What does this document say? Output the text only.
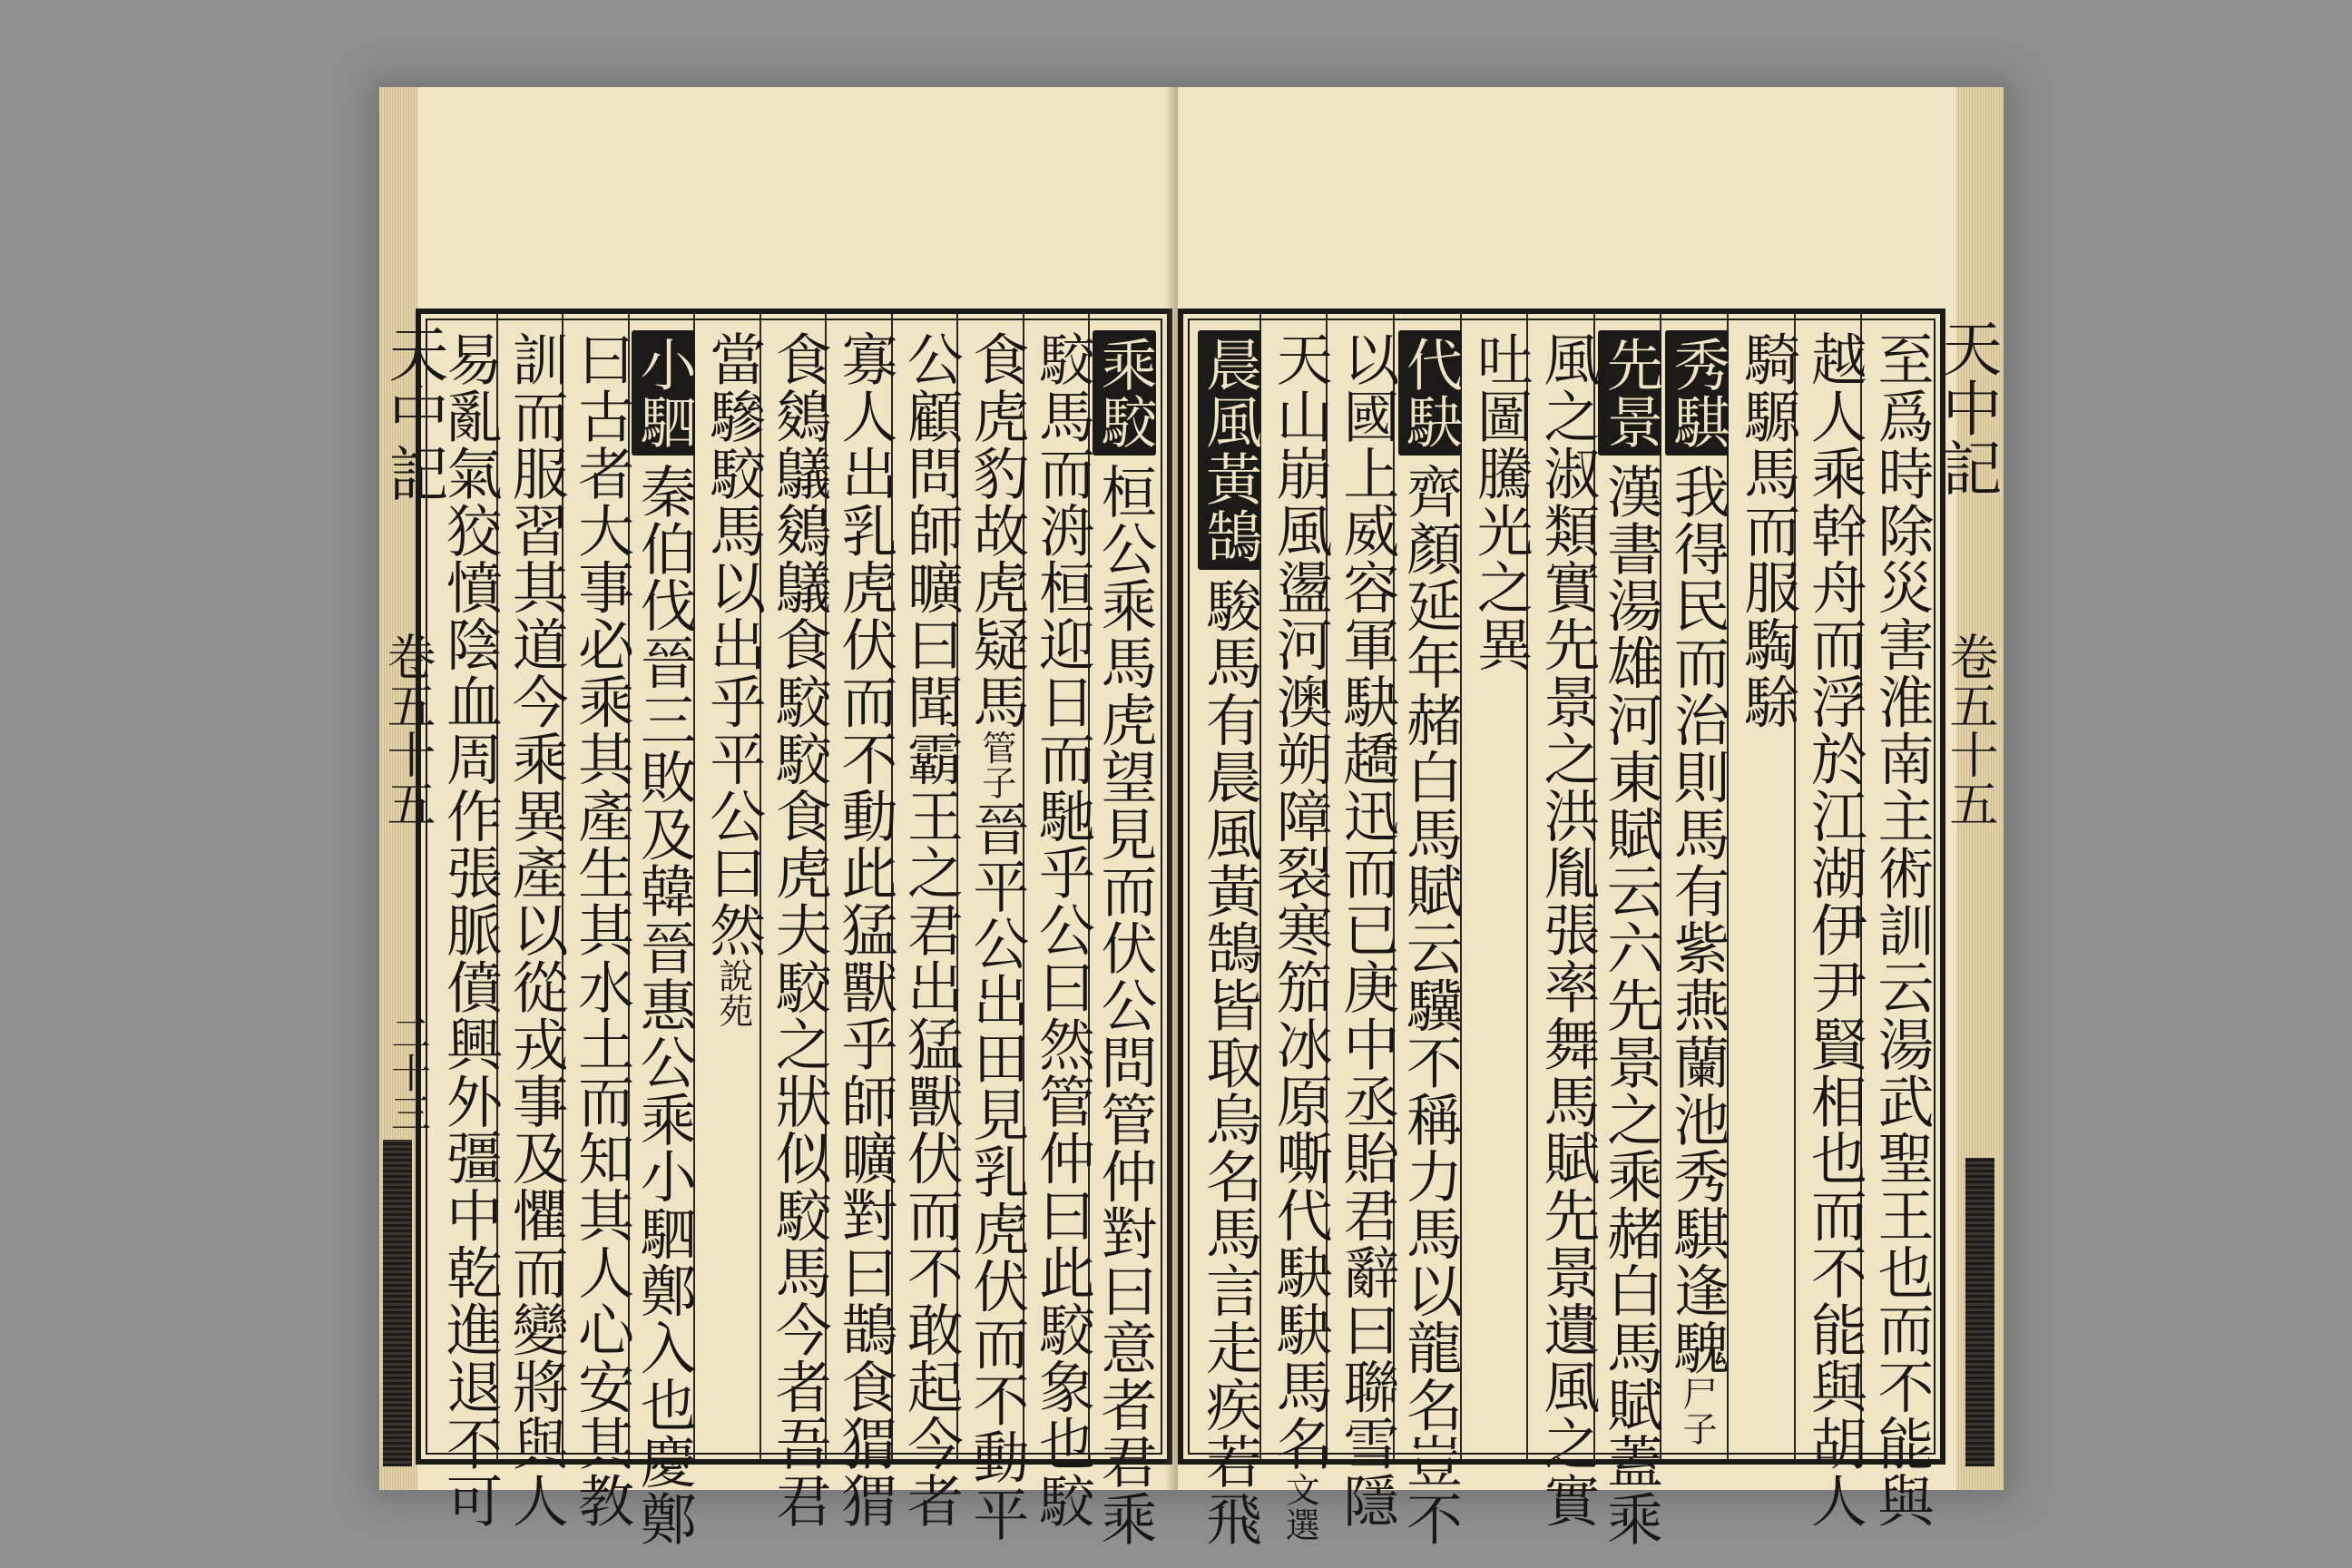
天中記
卷五十五
二十三
乘駮桓公乘馬虎望見而伏公問管仲對曰意者君乘
駮馬而洀桓迎日而馳乎公曰然管仲曰此駮象也駮
食虎豹故虎疑馬管子晉平公出田見乳虎伏而不動平
公顧問師曠曰聞霸王之君出猛獸伏而不敢起今者
寡人出乳虎伏而不動此猛獸乎師曠對曰鵲食猬猬
食鵕鸃鵕鸃食駮駮食虎夫駮之狀似駮馬今者吾君
當驂駮馬以出乎平公曰然說苑
小駟秦伯伐晉三敗及韓晉惠公乘小駟鄭入也慶鄭
曰古者大事必乘其產生其水土而知其人心安其教
訓而服習其道今乘異產以從戎事及懼而變將與人
易亂氣狡憤陰血周作張脈僨興外彊中乾進退不可	天中記
卷五十五
至爲時除災害淮南主術訓云湯武聖王也而不能與
越人乘幹舟而浮於江湖伊尹賢相也而不能與胡人
騎騵馬而服騊駼
秀騏我得民而治則馬有紫燕蘭池秀騏逢騩尸子
先景漢書湯雄河東賦云六先景之乘赭白馬賦蓋乘
風之淑類實先景之洪胤張率舞馬賦先景遺風之實
吐圖騰光之異
代駃齊顏延年赭白馬賦云驥不稱力馬以龍名豈不
以國上威容軍駃趫迅而已庚中丞貽君辭曰聯雪隱
天山崩風盪河澳朔障裂寒笳冰原嘶代駃駃馬名文選
晨風黃鵠駿馬有晨風黃鵠皆取烏名馬言走疾若飛
